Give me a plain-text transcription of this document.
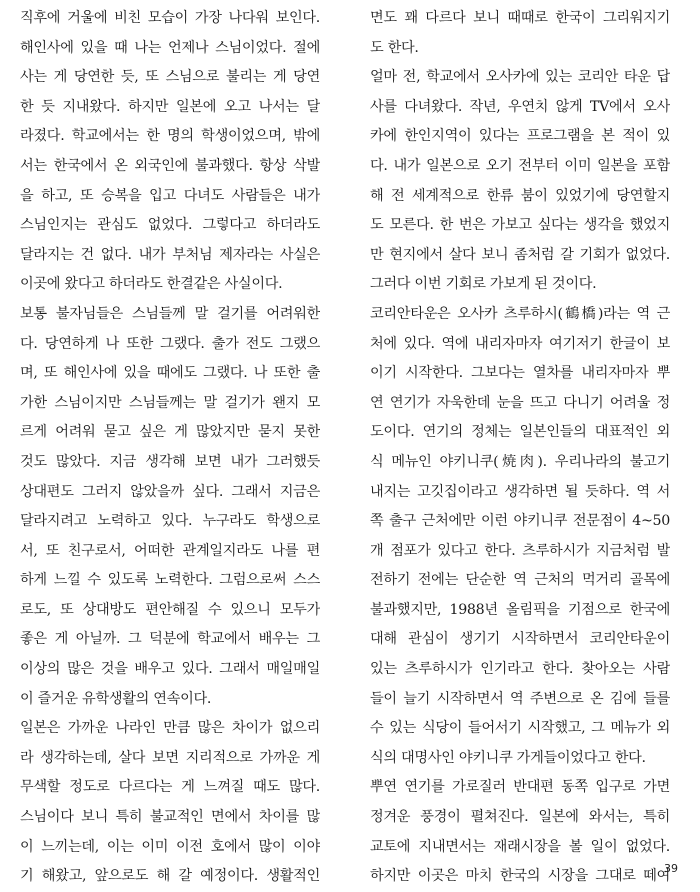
직후에 거울에 비친 모습이 가장 나다워 보인다.
해인사에 있을 때 나는 언제나 스님이었다. 절에
사는 게 당연한 듯, 또 스님으로 불리는 게 당연
한 듯 지내왔다. 하지만 일본에 오고 나서는 달
라졌다. 학교에서는 한 명의 학생이었으며, 밖에
서는 한국에서 온 외국인에 불과했다. 항상 삭발
을 하고, 또 승복을 입고 다녀도 사람들은 내가
스님인지는 관심도 없었다. 그렇다고 하더라도
달라지는 건 없다. 내가 부처님 제자라는 사실은
이곳에 왔다고 하더라도 한결같은 사실이다.
보통 불자님들은 스님들께 말 걸기를 어려워한
다. 당연하게 나 또한 그랬다. 출가 전도 그랬으
며, 또 해인사에 있을 때에도 그랬다. 나 또한 출
가한 스님이지만 스님들께는 말 걸기가 왠지 모
르게 어려워 묻고 싶은 게 많았지만 묻지 못한
것도 많았다. 지금 생각해 보면 내가 그러했듯
상대편도 그러지 않았을까 싶다. 그래서 지금은
달라지려고 노력하고 있다. 누구라도 학생으로
서, 또 친구로서, 어떠한 관계일지라도 나를 편
하게 느낄 수 있도록 노력한다. 그럼으로써 스스
로도, 또 상대방도 편안해질 수 있으니 모두가
좋은 게 아닐까. 그 덕분에 학교에서 배우는 그
이상의 많은 것을 배우고 있다. 그래서 매일매일
이 즐거운 유학생활의 연속이다.
일본은 가까운 나라인 만큼 많은 차이가 없으리
라 생각하는데, 살다 보면 지리적으로 가까운 게
무색할 정도로 다르다는 게 느껴질 때도 많다.
스님이다 보니 특히 불교적인 면에서 차이를 많
이 느끼는데, 이는 이미 이전 호에서 많이 이야
기 해왔고, 앞으로도 해 갈 예정이다. 생활적인
면도 꽤 다르다 보니 때때로 한국이 그리워지기
도 한다.
얼마 전, 학교에서 오사카에 있는 코리안 타운 답
사를 다녀왔다. 작년, 우연치 않게 TV에서 오사
카에 한인지역이 있다는 프로그램을 본 적이 있
다. 내가 일본으로 오기 전부터 이미 일본을 포함
해 전 세계적으로 한류 붐이 있었기에 당연할지
도 모른다. 한 번은 가보고 싶다는 생각을 했었지
만 현지에서 살다 보니 좀처럼 갈 기회가 없었다.
그러다 이번 기회로 가보게 된 것이다.
코리안타운은 오사카 츠루하시(鶴橋)라는 역 근
처에 있다. 역에 내리자마자 여기저기 한글이 보
이기 시작한다. 그보다는 열차를 내리자마자 뿌
연 연기가 자욱한데 눈을 뜨고 다니기 어려울 정
도이다. 연기의 정체는 일본인들의 대표적인 외
식 메뉴인 야키니쿠(焼肉). 우리나라의 불고기
내지는 고깃집이라고 생각하면 될 듯하다. 역 서
쪽 출구 근처에만 이런 야키니쿠 전문점이 4~50
개 점포가 있다고 한다. 츠루하시가 지금처럼 발
전하기 전에는 단순한 역 근처의 먹거리 골목에
불과했지만, 1988년 올림픽을 기점으로 한국에
대해 관심이 생기기 시작하면서 코리안타운이
있는 츠루하시가 인기라고 한다. 찾아오는 사람
들이 늘기 시작하면서 역 주변으로 온 김에 들를
수 있는 식당이 들어서기 시작했고, 그 메뉴가 외
식의 대명사인 야키니쿠 가게들이었다고 한다.
뿌연 연기를 가로질러 반대편 동쪽 입구로 가면
정겨운 풍경이 펼쳐진다. 일본에 와서는, 특히
교토에 지내면서는 재래시장을 볼 일이 없었다.
하지만 이곳은 마치 한국의 시장을 그대로 떼여
39
